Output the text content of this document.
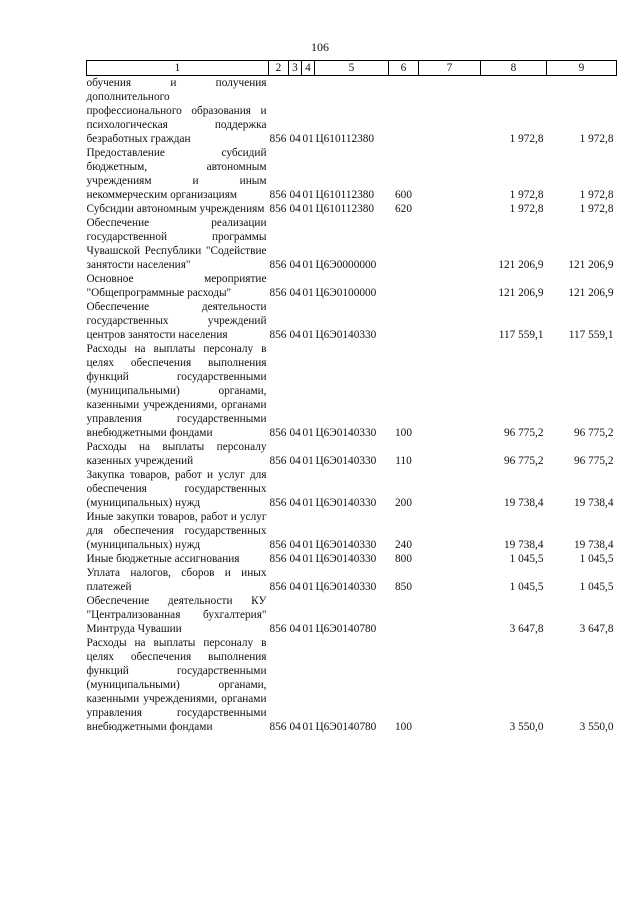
106
1	2	3	4	5	6	7	8	9
обучения и получения дополнительного профессионального образования и психологическая поддержка безработных граждан	856	04	01	Ц610112380			1 972,8	1 972,8
Предоставление субсидий бюджетным, автономным учреждениям и иным некоммерческим организациям	856	04	01	Ц610112380	600		1 972,8	1 972,8
Субсидии автономным учреждениям	856	04	01	Ц610112380	620		1 972,8	1 972,8
Обеспечение реализации государственной программы Чувашской Республики "Содействие занятости населения"	856	04	01	Ц6Э0000000			121 206,9	121 206,9
Основное мероприятие "Общепрограммные расходы"	856	04	01	Ц6Э0100000			121 206,9	121 206,9
Обеспечение деятельности государственных учреждений центров занятости населения	856	04	01	Ц6Э0140330			117 559,1	117 559,1
Расходы на выплаты персоналу в целях обеспечения выполнения функций государственными (муниципальными) органами, казенными учреждениями, органами управления государственными внебюджетными фондами	856	04	01	Ц6Э0140330	100		96 775,2	96 775,2
Расходы на выплаты персоналу казенных учреждений	856	04	01	Ц6Э0140330	110		96 775,2	96 775,2
Закупка товаров, работ и услуг для обеспечения государственных (муниципальных) нужд	856	04	01	Ц6Э0140330	200		19 738,4	19 738,4
Иные закупки товаров, работ и услуг для обеспечения государственных (муниципальных) нужд	856	04	01	Ц6Э0140330	240		19 738,4	19 738,4
Иные бюджетные ассигнования	856	04	01	Ц6Э0140330	800		1 045,5	1 045,5
Уплата налогов, сборов и иных платежей	856	04	01	Ц6Э0140330	850		1 045,5	1 045,5
Обеспечение деятельности КУ "Централизованная бухгалтерия" Минтруда Чувашии	856	04	01	Ц6Э0140780			3 647,8	3 647,8
Расходы на выплаты персоналу в целях обеспечения выполнения функций государственными (муниципальными) органами, казенными учреждениями, органами управления государственными внебюджетными фондами	856	04	01	Ц6Э0140780	100		3 550,0	3 550,0
